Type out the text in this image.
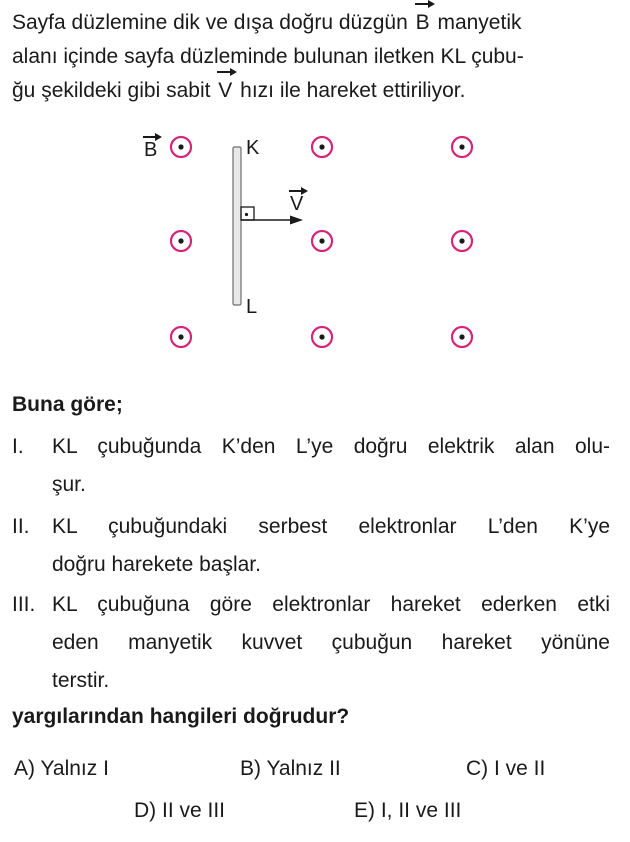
Sayfa düzlemine dik ve dışa doğru düzgün B manyetik
alanı içinde sayfa düzleminde bulunan iletken KL çubu-
ğu şekildeki gibi sabit V hızı ile hareket ettiriliyor.
B
V
K
L
Buna göre;
I. KL çubuğunda K’den L’ye doğru elektrik alan olu-
şur.
II. KL çubuğundaki serbest elektronlar L’den K’ye
doğru harekete başlar.
III. KL çubuğuna göre elektronlar hareket ederken etki
eden manyetik kuvvet çubuğun hareket yönüne
terstir.
yargılarından hangileri doğrudur?
A) Yalnız I	B) Yalnız II	C) I ve II
D) II ve III	E) I, II ve III
